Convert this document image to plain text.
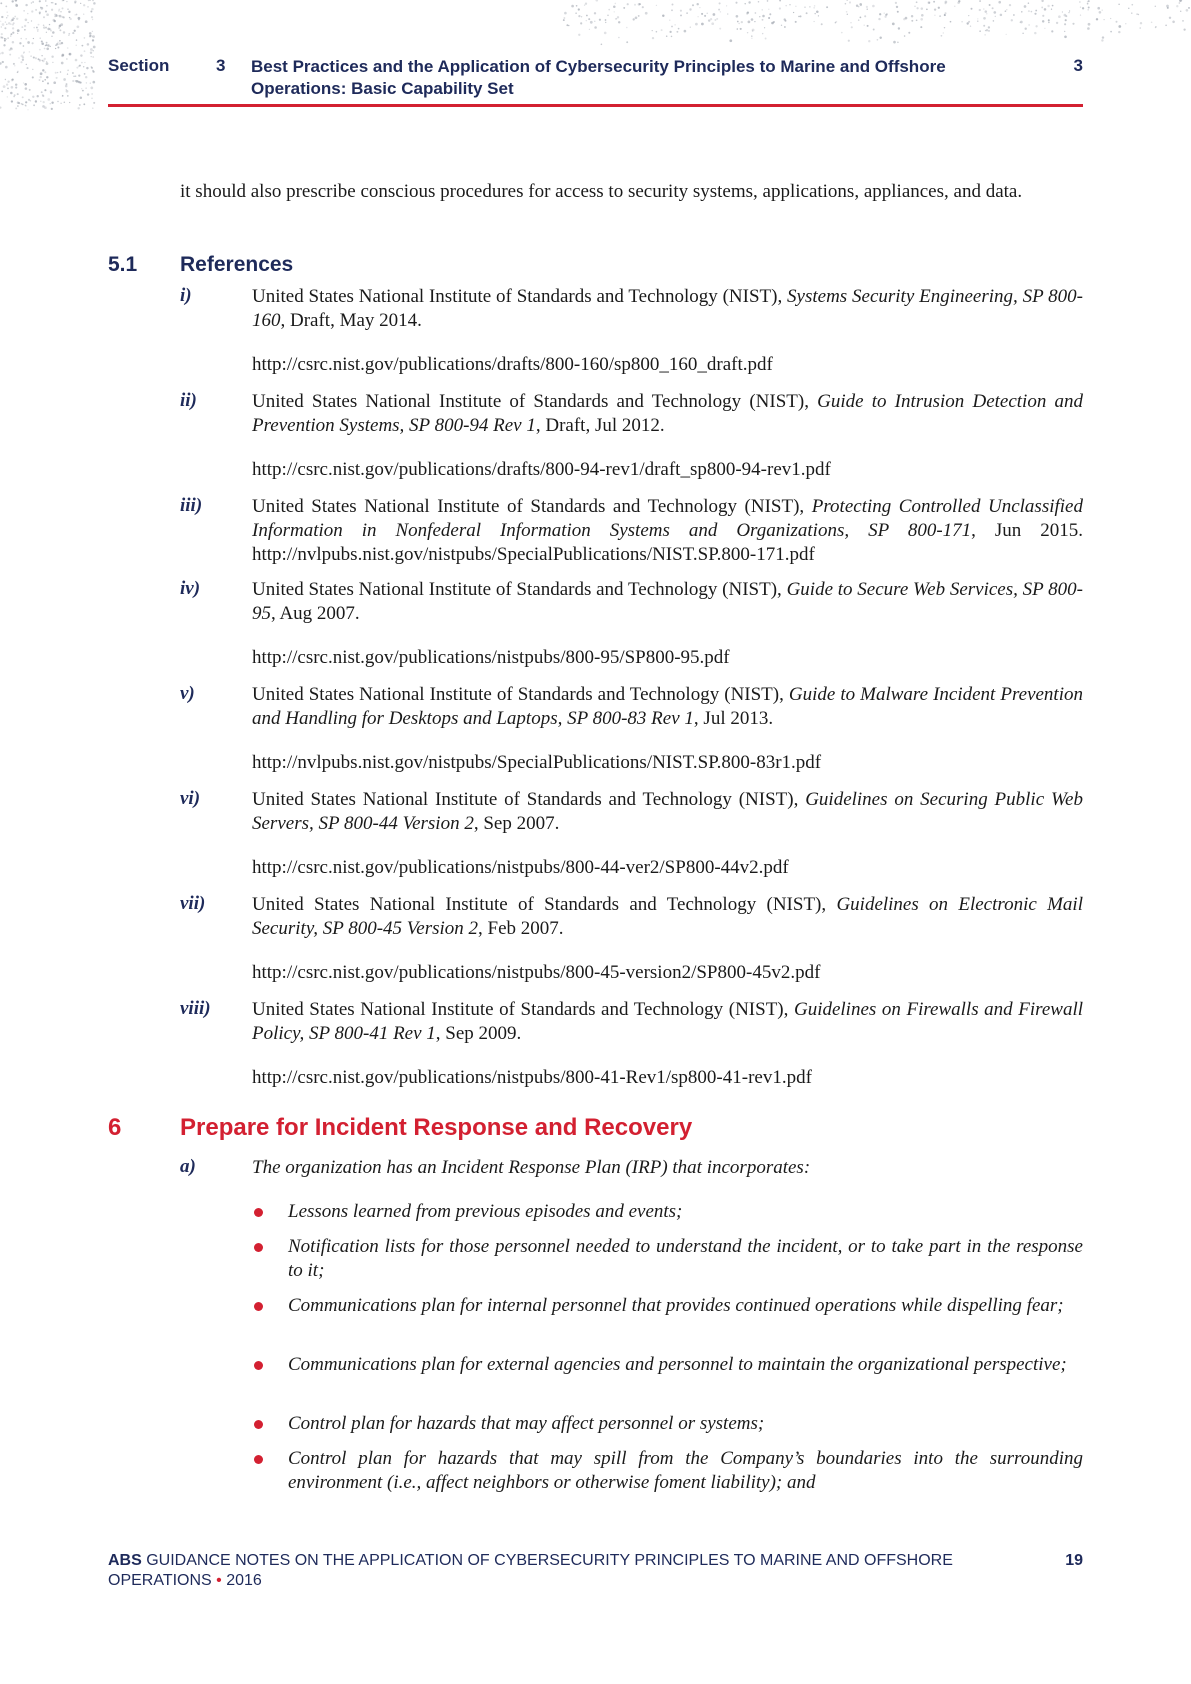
Section	3 Best Practices and the Application of Cybersecurity Principles to Marine and Offshore Operations: Basic Capability Set
3
it should also prescribe conscious procedures for access to security systems, applications, appliances, and data.
5.1 References
i)	United States National Institute of Standards and Technology (NIST), Systems Security Engineering, SP 800-160, Draft, May 2014.
http://csrc.nist.gov/publications/drafts/800-160/sp800_160_draft.pdf
ii)	United States National Institute of Standards and Technology (NIST), Guide to Intrusion Detection and Prevention Systems, SP 800-94 Rev 1, Draft, Jul 2012.
http://csrc.nist.gov/publications/drafts/800-94-rev1/draft_sp800-94-rev1.pdf
iii)	United States National Institute of Standards and Technology (NIST), Protecting Controlled Unclassified Information in Nonfederal Information Systems and Organizations, SP 800-171, Jun 2015. http://nvlpubs.nist.gov/nistpubs/SpecialPublications/NIST.SP.800-171.pdf
iv)	United States National Institute of Standards and Technology (NIST), Guide to Secure Web Services, SP 800-95, Aug 2007.
http://csrc.nist.gov/publications/nistpubs/800-95/SP800-95.pdf
v)	United States National Institute of Standards and Technology (NIST), Guide to Malware Incident Prevention and Handling for Desktops and Laptops, SP 800-83 Rev 1, Jul 2013.
http://nvlpubs.nist.gov/nistpubs/SpecialPublications/NIST.SP.800-83r1.pdf
vi)	United States National Institute of Standards and Technology (NIST), Guidelines on Securing Public Web Servers, SP 800-44 Version 2, Sep 2007.
http://csrc.nist.gov/publications/nistpubs/800-44-ver2/SP800-44v2.pdf
vii) United States National Institute of Standards and Technology (NIST), Guidelines on Electronic Mail Security, SP 800-45 Version 2, Feb 2007.
http://csrc.nist.gov/publications/nistpubs/800-45-version2/SP800-45v2.pdf
viii) United States National Institute of Standards and Technology (NIST), Guidelines on Firewalls and Firewall Policy, SP 800-41 Rev 1, Sep 2009.
http://csrc.nist.gov/publications/nistpubs/800-41-Rev1/sp800-41-rev1.pdf
6 Prepare for Incident Response and Recovery
a)	The organization has an Incident Response Plan (IRP) that incorporates:
Lessons learned from previous episodes and events;
Notification lists for those personnel needed to understand the incident, or to take part in the response to it;
Communications plan for internal personnel that provides continued operations while dispelling fear;
Communications plan for external agencies and personnel to maintain the organizational perspective;
Control plan for hazards that may affect personnel or systems;
Control plan for hazards that may spill from the Company’s boundaries into the surrounding environment (i.e., affect neighbors or otherwise foment liability); and
ABS GUIDANCE NOTES ON THE APPLICATION OF CYBERSECURITY PRINCIPLES TO MARINE AND OFFSHORE OPERATIONS • 2016
19
